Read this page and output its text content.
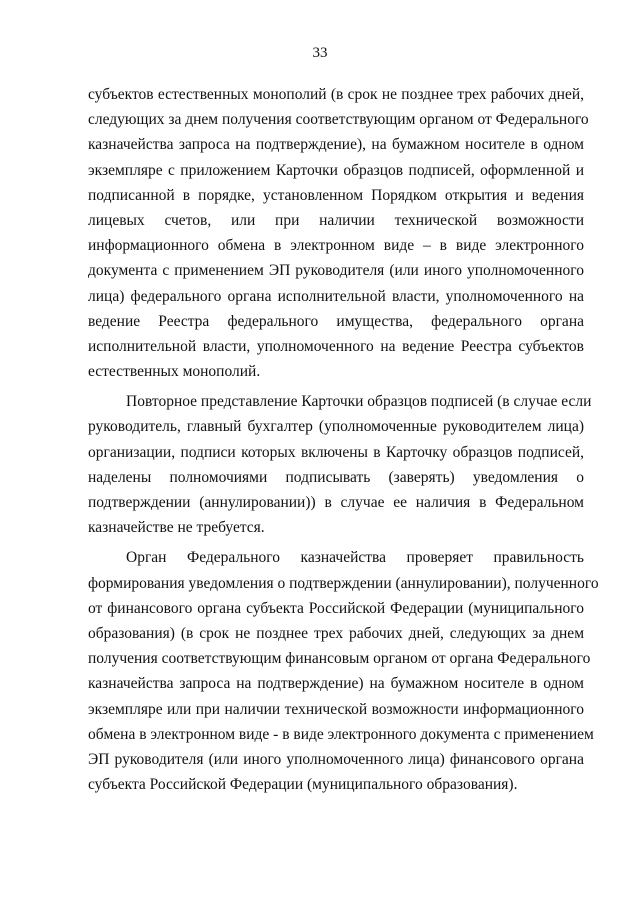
33
субъектов естественных монополий (в срок не позднее трех рабочих дней,
следующих за днем получения соответствующим органом от Федерального
казначейства запроса на подтверждение), на бумажном носителе в одном
экземпляре с приложением Карточки образцов подписей, оформленной и
подписанной в порядке, установленном Порядком открытия и ведения
лицевых счетов, или при наличии технической возможности
информационного обмена в электронном виде – в виде электронного
документа с применением ЭП руководителя (или иного уполномоченного
лица) федерального органа исполнительной власти, уполномоченного на
ведение Реестра федерального имущества, федерального органа
исполнительной власти, уполномоченного на ведение Реестра субъектов
естественных монополий.
Повторное представление Карточки образцов подписей (в случае если
руководитель, главный бухгалтер (уполномоченные руководителем лица)
организации, подписи которых включены в Карточку образцов подписей,
наделены полномочиями подписывать (заверять) уведомления о
подтверждении (аннулировании)) в случае ее наличия в Федеральном
казначействе не требуется.
Орган Федерального казначейства проверяет правильность
формирования уведомления о подтверждении (аннулировании), полученного
от финансового органа субъекта Российской Федерации (муниципального
образования) (в срок не позднее трех рабочих дней, следующих за днем
получения соответствующим финансовым органом от органа Федерального
казначейства запроса на подтверждение) на бумажном носителе в одном
экземпляре или при наличии технической возможности информационного
обмена в электронном виде - в виде электронного документа с применением
ЭП руководителя (или иного уполномоченного лица) финансового органа
субъекта Российской Федерации (муниципального образования).
